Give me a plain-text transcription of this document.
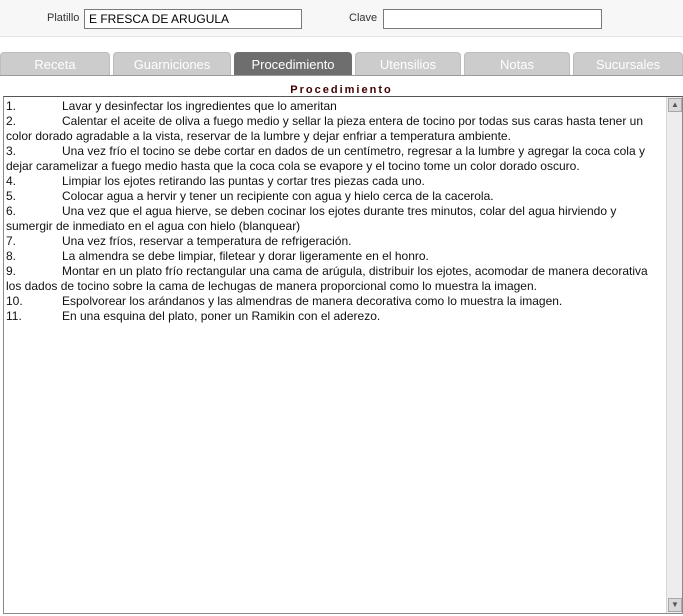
Platillo E FRESCA DE ARUGULA	Clave
Receta	Guarniciones	Procedimiento	Utensilios	Notas	Sucursales
Procedimiento
1.	Lavar y desinfectar los ingredientes que lo ameritan
2.	Calentar el aceite de oliva a fuego medio y sellar la pieza entera de tocino por todas sus caras hasta tener un color dorado agradable a la vista, reservar de la lumbre y dejar enfriar a temperatura ambiente.
3.	Una vez frío el tocino se debe cortar en dados de un centímetro, regresar a la lumbre y agregar la coca cola y dejar caramelizar a fuego medio hasta que la coca cola se evapore y el tocino tome un color dorado oscuro.
4.	Limpiar los ejotes retirando las puntas y cortar tres piezas cada uno.
5.	Colocar agua a hervir y tener un recipiente con agua y hielo cerca de la cacerola.
6.	Una vez que el agua hierve, se deben cocinar los ejotes durante tres minutos, colar del agua hirviendo y sumergir de inmediato en el agua con hielo (blanquear)
7.	Una vez fríos, reservar a temperatura de refrigeración.
8.	La almendra se debe limpiar, filetear y dorar ligeramente en el honro.
9.	Montar en un plato frío rectangular una cama de arúgula, distribuir los ejotes, acomodar de manera decorativa los dados de tocino sobre la cama de lechugas de manera proporcional como lo muestra la imagen.
10.	Espolvorear los arándanos y las almendras de manera decorativa como lo muestra la imagen.
11.	En una esquina del plato, poner un Ramikin con el aderezo.
▲
▼
